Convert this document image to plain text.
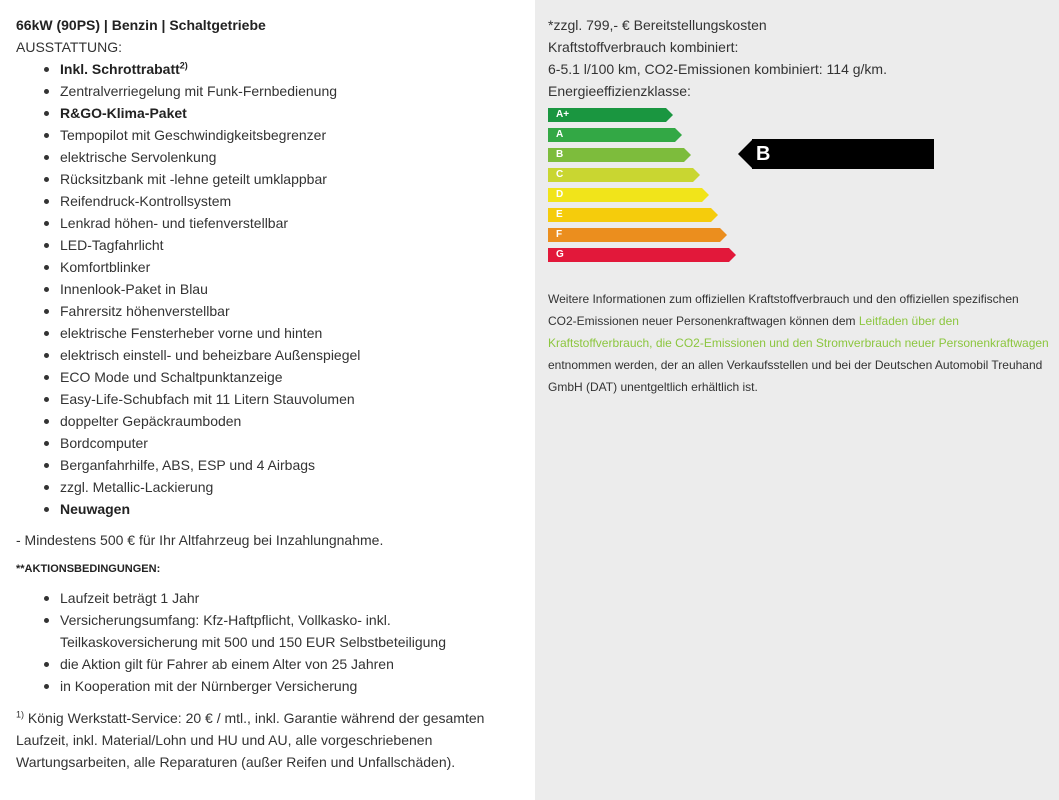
66kW (90PS) | Benzin | Schaltgetriebe
AUSSTATTUNG:
Inkl. Schrottrabatt$^{2)}$
Zentralverriegelung mit Funk-Fernbedienung
R&GO-Klima-Paket
Tempopilot mit Geschwindigkeitsbegrenzer
elektrische Servolenkung
Rücksitzbank mit -lehne geteilt umklappbar
Reifendruck-Kontrollsystem
Lenkrad höhen- und tiefenverstellbar
LED-Tagfahrlicht
Komfortblinker
Innenlook-Paket in Blau
Fahrersitz höhenverstellbar
elektrische Fensterheber vorne und hinten
elektrisch einstell- und beheizbare Außenspiegel
ECO Mode und Schaltpunktanzeige
Easy-Life-Schubfach mit 11 Litern Stauvolumen
doppelter Gepäckraumboden
Bordcomputer
Berganfahrhilfe, ABS, ESP und 4 Airbags
zzgl. Metallic-Lackierung
Neuwagen

- Mindestens 500 € für Ihr Altfahrzeug bei Inzahlungnahme.

**AKTIONSBEDINGUNGEN:
Laufzeit beträgt 1 Jahr
Versicherungsumfang: Kfz-Haftpflicht, Vollkasko- inkl. Teilkaskoversicherung mit 500 und 150 EUR Selbstbeteiligung
die Aktion gilt für Fahrer ab einem Alter von 25 Jahren
in Kooperation mit der Nürnberger Versicherung

$^{1)}$ König Werkstatt-Service: 20 € / mtl., inkl. Garantie während der gesamten Laufzeit, inkl. Material/Lohn und HU und AU, alle vorgeschriebenen Wartungsarbeiten, alle Reparaturen (außer Reifen und Unfallschäden).

*zzgl. 799,- € Bereitstellungskosten

Kraftstoffverbrauch kombiniert:

6-5.1 l/100 km, CO2-Emissionen kombiniert: 114 g/km.

Energieeffizienzklasse:

A+
A
B
C
D
E
F
G
B

Weitere Informationen zum offiziellen Kraftstoffverbrauch und den offiziellen spezifischen CO2-Emissionen neuer Personenkraftwagen können dem Leitfaden über den Kraftstoffverbrauch, die CO2-Emissionen und den Stromverbrauch neuer Personenkraftwagen entnommen werden, der an allen Verkaufsstellen und bei der Deutschen Automobil Treuhand GmbH (DAT) unentgeltlich erhältlich ist.
